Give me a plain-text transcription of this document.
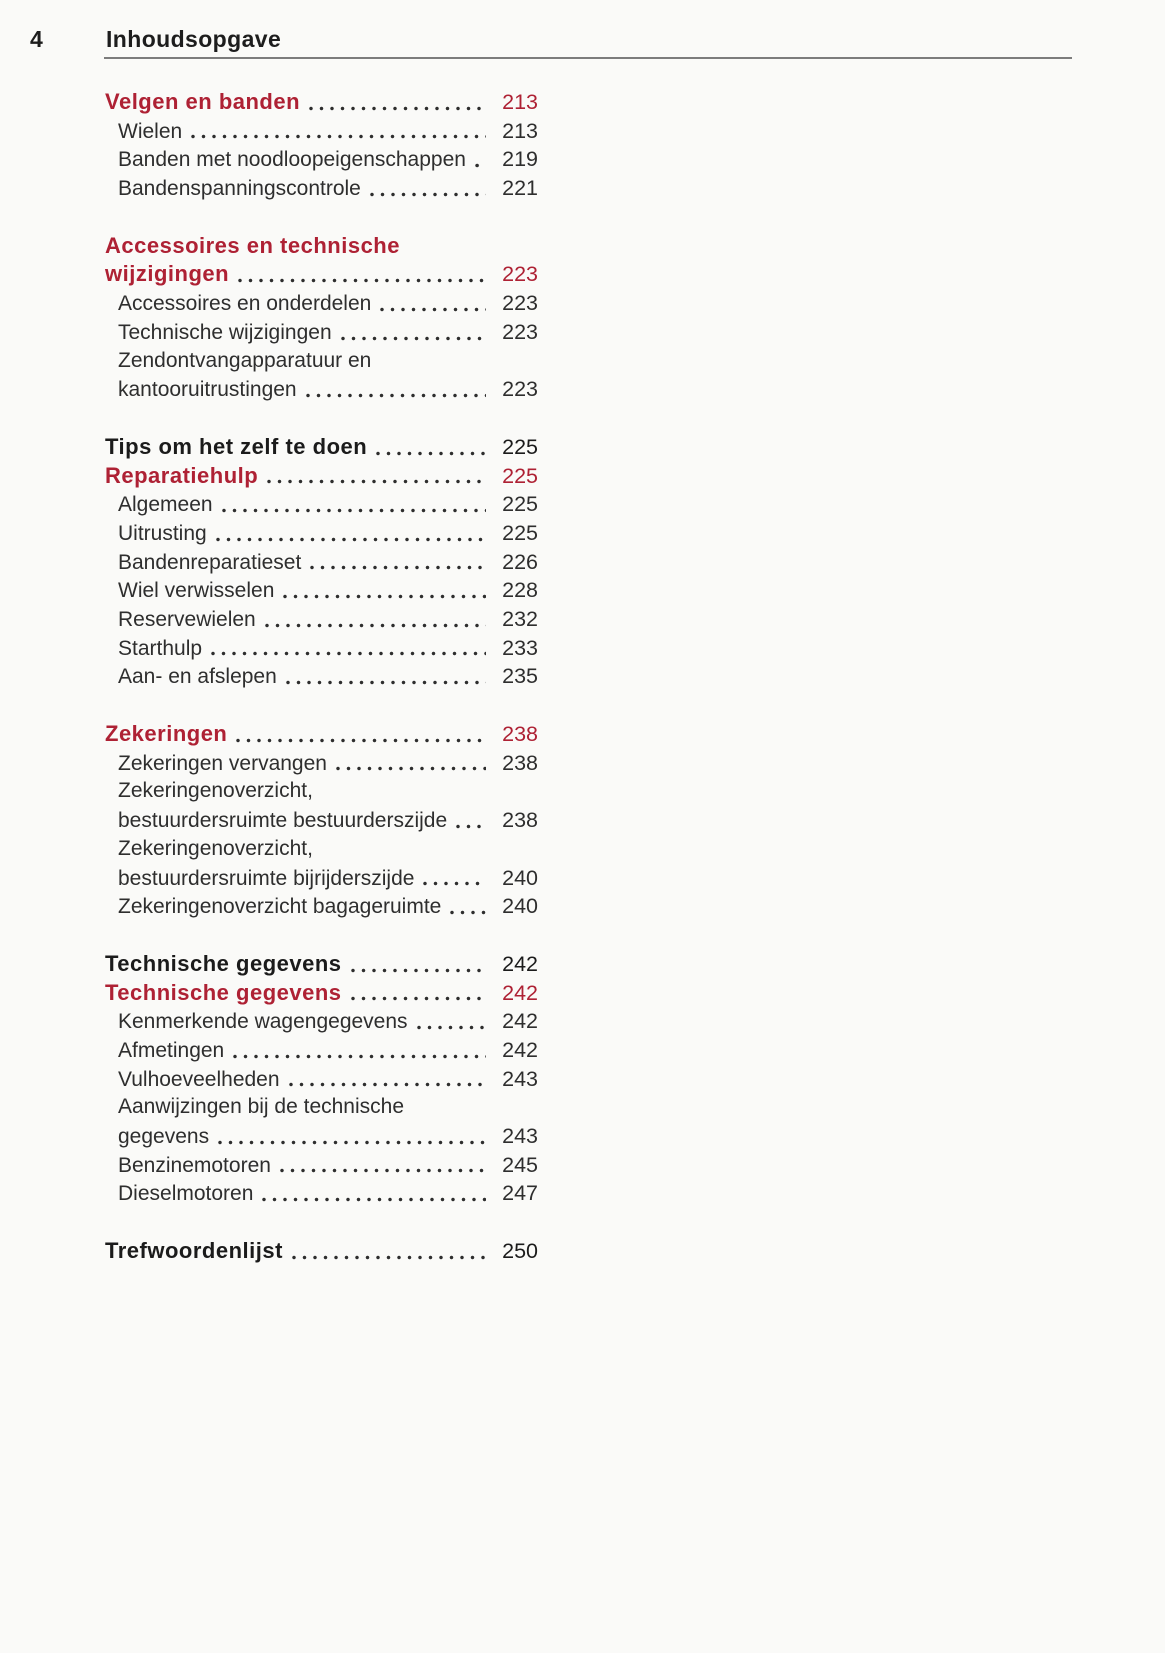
4	Inhoudsopgave
Velgen en banden	213
Wielen	213
Banden met noodloopeigenschappen 219
Bandenspanningscontrole	221
Accessoires en technische
wijzigingen	223
Accessoires en onderdelen	223
Technische wijzigingen	223
Zendontvangapparatuur en
kantooruitrustingen	223
Tips om het zelf te doen	225
Reparatiehulp	225
Algemeen	225
Uitrusting	225
Bandenreparatieset	226
Wiel verwisselen	228
Reservewielen	232
Starthulp	233
Aan- en afslepen	235
Zekeringen	238
Zekeringen vervangen	238
Zekeringenoverzicht,
bestuurdersruimte bestuurderszijde	238
Zekeringenoverzicht,
bestuurdersruimte bijrijderszijde	240
Zekeringenoverzicht bagageruimte	240
Technische gegevens	242
Technische gegevens	242
Kenmerkende wagengegevens	242
Afmetingen	242
Vulhoeveelheden	243
Aanwijzingen bij de technische
gegevens	243
Benzinemotoren	245
Dieselmotoren	247
Trefwoordenlijst	250
